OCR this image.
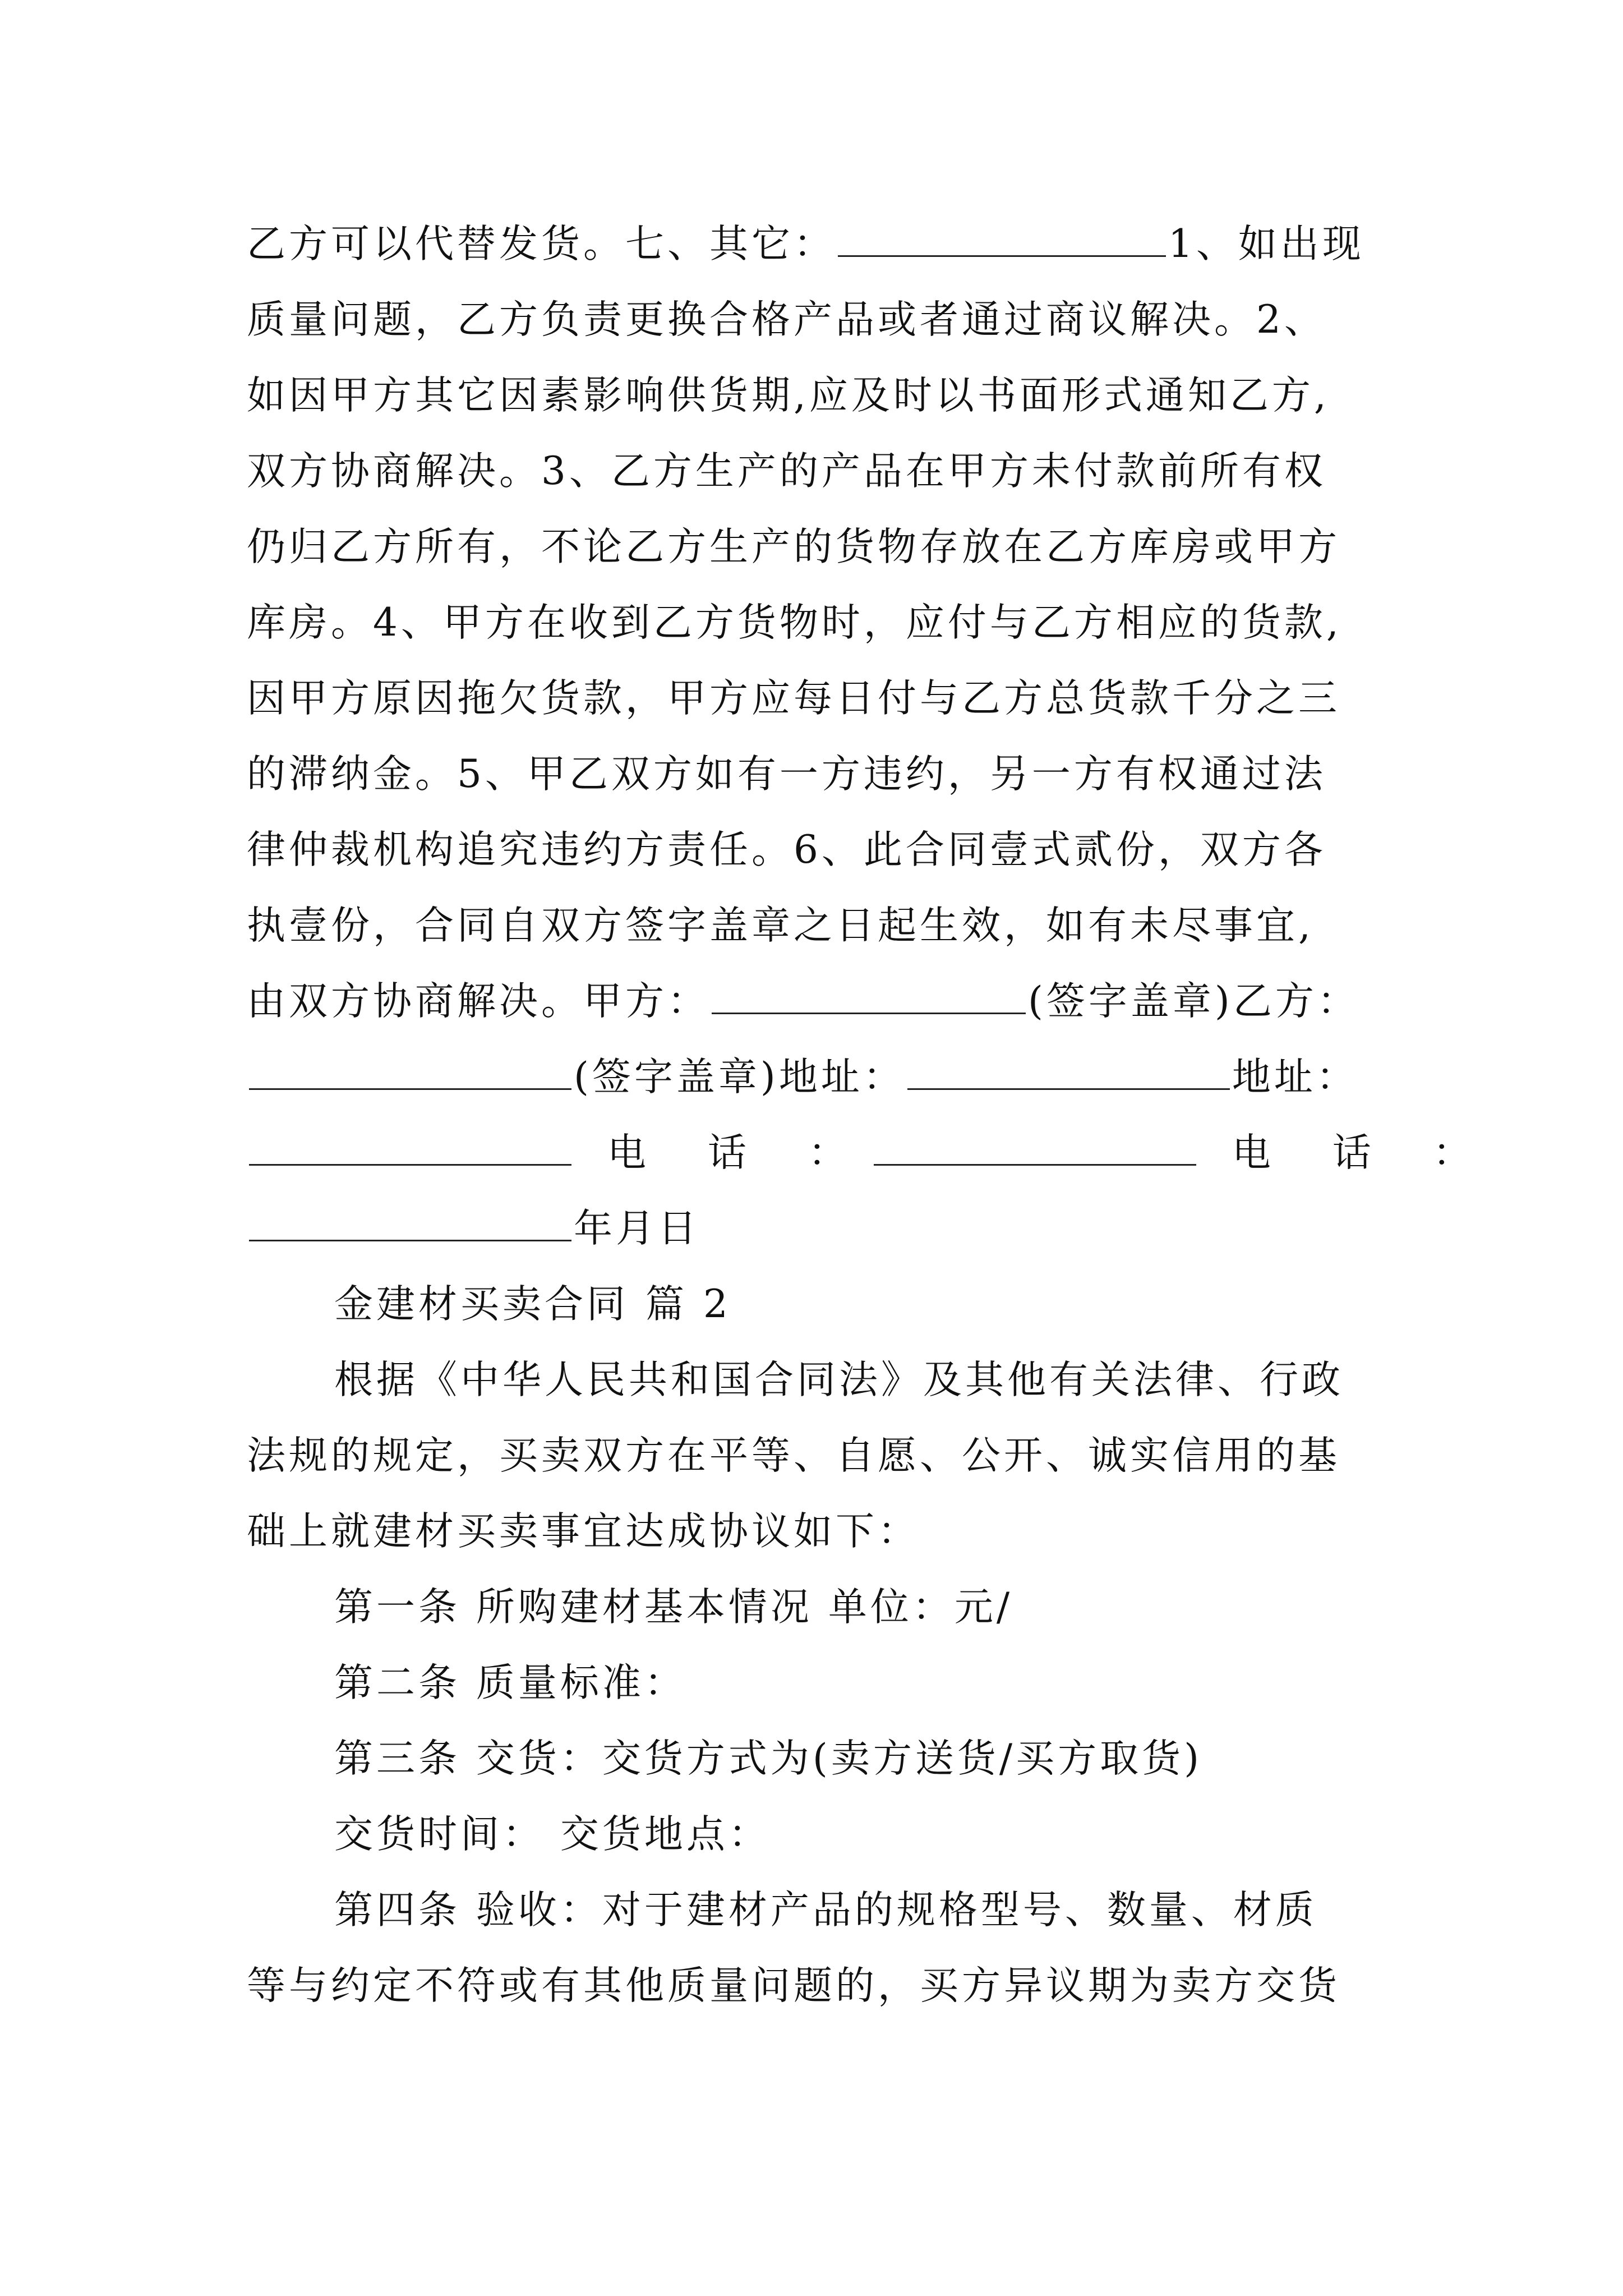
乙方可以代替发货。七、其它：	1、如出现
质量问题，乙方负责更换合格产品或者通过商议解决。2、
如因甲方其它因素影响供货期,应及时以书面形式通知乙方,
双方协商解决。3、乙方生产的产品在甲方未付款前所有权
仍归乙方所有，不论乙方生产的货物存放在乙方库房或甲方
库房。4、甲方在收到乙方货物时，应付与乙方相应的货款,
因甲方原因拖欠货款，甲方应每日付与乙方总货款千分之三
的滞纳金。5、甲乙双方如有一方违约，另一方有权通过法
律仲裁机构追究违约方责任。6、此合同壹式贰份，双方各
执壹份，合同自双方签字盖章之日起生效，如有未尽事宜,
由双方协商解决。甲方：	(签字盖章)乙方：
(签字盖章)地址：	地址：
电 话 ：	电 话 ：
年月日
金建材买卖合同 篇 2
根据《中华人民共和国合同法》及其他有关法律、行政
法规的规定，买卖双方在平等、自愿、公开、诚实信用的基
础上就建材买卖事宜达成协议如下：
第一条 所购建材基本情况 单位：元/
第二条 质量标准：
第三条 交货：交货方式为(卖方送货/买方取货)
交货时间： 交货地点：
第四条 验收：对于建材产品的规格型号、数量、材质
等与约定不符或有其他质量问题的，买方异议期为卖方交货
